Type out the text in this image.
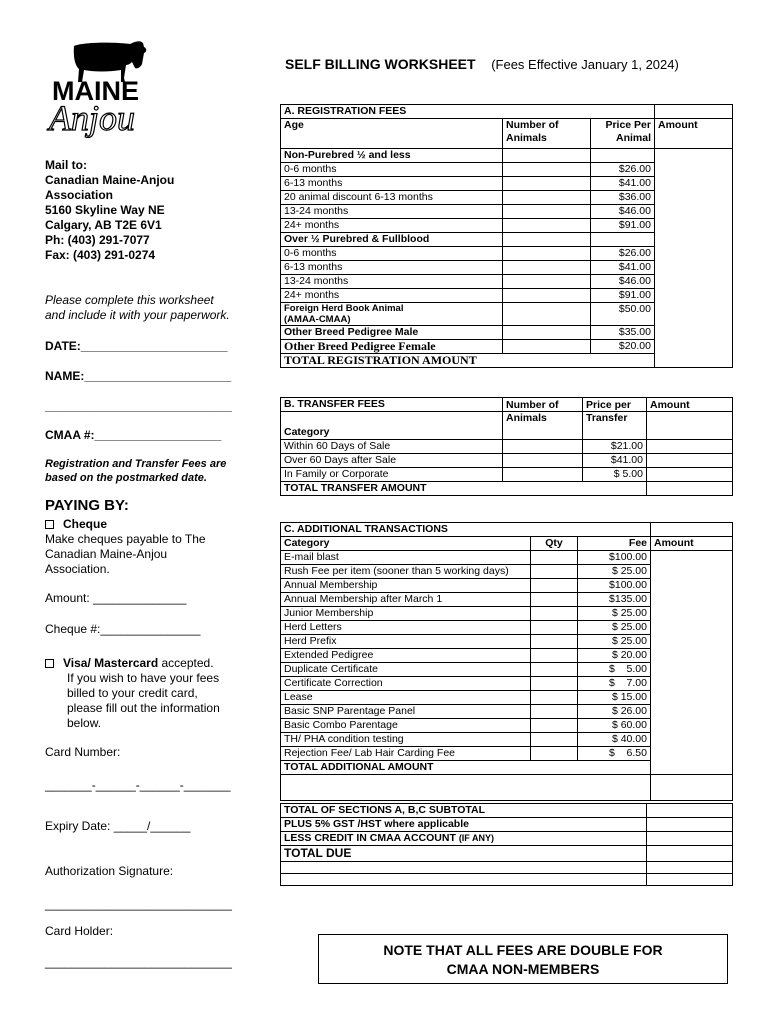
MAINE
Anjou
SELF BILLING WORKSHEET (Fees Effective January 1, 2024)
Mail to:
Canadian Maine-Anjou
Association
5160 Skyline Way NE
Calgary, AB T2E 6V1
Ph: (403) 291-7077
Fax: (403) 291-0274
Please complete this worksheet
and include it with your paperwork.
DATE:______________________
NAME:______________________
____________________________
CMAA #:___________________
Registration and Transfer Fees are
based on the postmarked date.
PAYING BY:
Cheque
Make cheques payable to The
Canadian Maine-Anjou
Association.
Amount: ______________
Cheque #:_______________
Visa/ Mastercard accepted.
If you wish to have your fees
billed to your credit card,
please fill out the information
below.
Card Number:
_______-______-______-_______
Expiry Date: _____/______
Authorization Signature:
____________________________
Card Holder:
____________________________
A. REGISTRATION FEES			
Age	Number of Animals	Price Per Animal	Amount
Non-Purebred ½ and less			
0-6 months		$26.00	
6-13 months		$41.00	
20 animal discount 6-13 months		$36.00	
13-24 months		$46.00	
24+ months		$91.00	
Over ½ Purebred & Fullblood			
0-6 months		$26.00	
6-13 months		$41.00	
13-24 months		$46.00	
24+ months		$91.00	

Foreign Herd Book Animal
(AMAA-CMAA)		$50.00	
Other Breed Pedigree Male		$35.00	
Other Breed Pedigree Female		$20.00	
TOTAL REGISTRATION AMOUNT			
B. TRANSFER FEES			
Category	Number of Animals	Price per Transfer	Amount
Within 60 Days of Sale		$21.00	
Over 60 Days after Sale		$41.00	
In Family or Corporate		$ 5.00	
TOTAL TRANSFER AMOUNT			
C. ADDITIONAL TRANSACTIONS			
Category	Qty	Fee	Amount
E-mail blast		$100.00	
Rush Fee per item (sooner than 5 working days)		$ 25.00	
Annual Membership		$100.00	
Annual Membership after March 1		$135.00	
Junior Membership		$ 25.00	
Herd Letters		$ 25.00	
Herd Prefix		$ 25.00	
Extended Pedigree		$ 20.00	
Duplicate Certificate		$    5.00	
Certificate Correction		$    7.00	
Lease		$ 15.00	
Basic SNP Parentage Panel		$ 26.00	
Basic Combo Parentage		$ 60.00	
TH/ PHA condition testing		$ 40.00	
Rejection Fee/ Lab Hair Carding Fee		$    6.50	
TOTAL ADDITIONAL AMOUNT			

TOTAL OF SECTIONS A, B,C SUBTOTAL	
PLUS 5% GST /HST where applicable	
LESS CREDIT IN CMAA ACCOUNT (IF ANY)	
TOTAL DUE	

NOTE THAT ALL FEES ARE DOUBLE FOR
CMAA NON-MEMBERS
